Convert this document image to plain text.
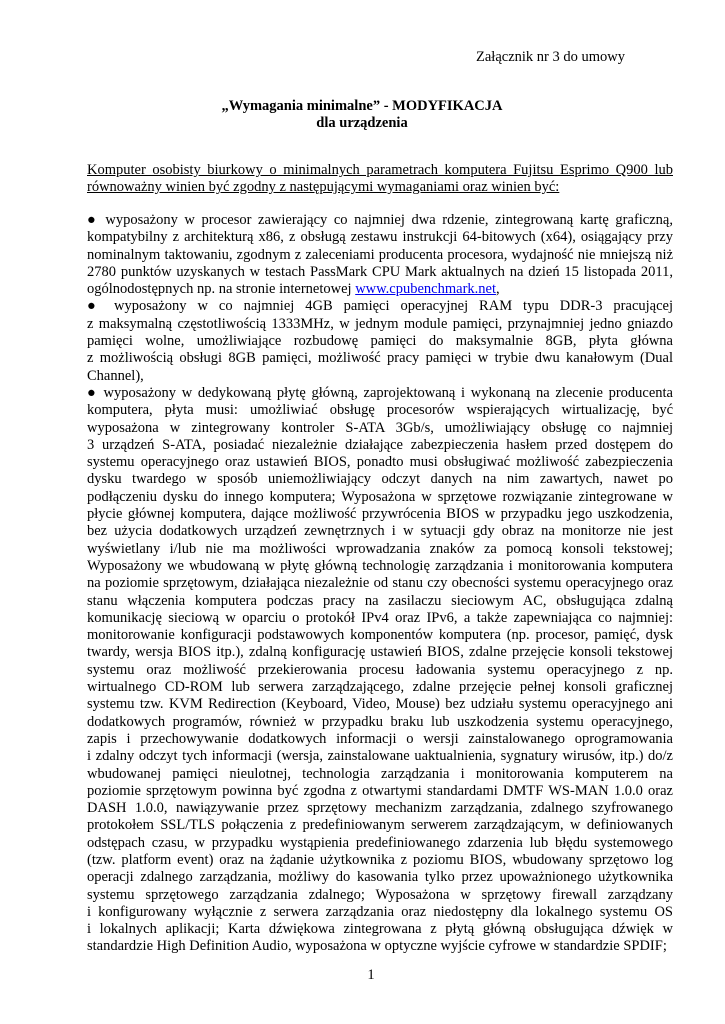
Załącznik nr 3 do umowy
„Wymagania minimalne” - MODYFIKACJA
dla urządzenia
Komputer osobisty biurkowy o minimalnych parametrach komputera Fujitsu Esprimo Q900 lub
równoważny winien być zgodny z następującymi wymaganiami oraz winien być:
● wyposażony w procesor zawierający co najmniej dwa rdzenie, zintegrowaną kartę graficzną,
kompatybilny z architekturą x86, z obsługą zestawu instrukcji 64-bitowych (x64), osiągający przy
nominalnym taktowaniu, zgodnym z zaleceniami producenta procesora, wydajność nie mniejszą niż
2780 punktów uzyskanych w testach PassMark CPU Mark aktualnych na dzień 15 listopada 2011,
ogólnodostępnych np. na stronie internetowej www.cpubenchmark.net,
● wyposażony w co najmniej 4GB pamięci operacyjnej RAM typu DDR-3 pracującej
z maksymalną częstotliwością 1333MHz, w jednym module pamięci, przynajmniej jedno gniazdo
pamięci wolne, umożliwiające rozbudowę pamięci do maksymalnie 8GB, płyta główna
z możliwością obsługi 8GB pamięci, możliwość pracy pamięci w trybie dwu kanałowym (Dual
Channel),
● wyposażony w dedykowaną płytę główną, zaprojektowaną i wykonaną na zlecenie producenta
komputera, płyta musi: umożliwiać obsługę procesorów wspierających wirtualizację, być
wyposażona w zintegrowany kontroler S-ATA 3Gb/s, umożliwiający obsługę co najmniej
3 urządzeń S-ATA, posiadać niezależnie działające zabezpieczenia hasłem przed dostępem do
systemu operacyjnego oraz ustawień BIOS, ponadto musi obsługiwać możliwość zabezpieczenia
dysku twardego w sposób uniemożliwiający odczyt danych na nim zawartych, nawet po
podłączeniu dysku do innego komputera; Wyposażona w sprzętowe rozwiązanie zintegrowane w
płycie głównej komputera, dające możliwość przywrócenia BIOS w przypadku jego uszkodzenia,
bez użycia dodatkowych urządzeń zewnętrznych i w sytuacji gdy obraz na monitorze nie jest
wyświetlany i/lub nie ma możliwości wprowadzania znaków za pomocą konsoli tekstowej;
Wyposażony we wbudowaną w płytę główną technologię zarządzania i monitorowania komputera
na poziomie sprzętowym, działająca niezależnie od stanu czy obecności systemu operacyjnego oraz
stanu włączenia komputera podczas pracy na zasilaczu sieciowym AC, obsługująca zdalną
komunikację sieciową w oparciu o protokół IPv4 oraz IPv6, a także zapewniająca co najmniej:
monitorowanie konfiguracji podstawowych komponentów komputera (np. procesor, pamięć, dysk
twardy, wersja BIOS itp.), zdalną konfigurację ustawień BIOS, zdalne przejęcie konsoli tekstowej
systemu oraz możliwość przekierowania procesu ładowania systemu operacyjnego z np.
wirtualnego CD-ROM lub serwera zarządzającego, zdalne przejęcie pełnej konsoli graficznej
systemu tzw. KVM Redirection (Keyboard, Video, Mouse) bez udziału systemu operacyjnego ani
dodatkowych programów, również w przypadku braku lub uszkodzenia systemu operacyjnego,
zapis i przechowywanie dodatkowych informacji o wersji zainstalowanego oprogramowania
i zdalny odczyt tych informacji (wersja, zainstalowane uaktualnienia, sygnatury wirusów, itp.) do/z
wbudowanej pamięci nieulotnej, technologia zarządzania i monitorowania komputerem na
poziomie sprzętowym powinna być zgodna z otwartymi standardami DMTF WS-MAN 1.0.0 oraz
DASH 1.0.0, nawiązywanie przez sprzętowy mechanizm zarządzania, zdalnego szyfrowanego
protokołem SSL/TLS połączenia z predefiniowanym serwerem zarządzającym, w definiowanych
odstępach czasu, w przypadku wystąpienia predefiniowanego zdarzenia lub błędu systemowego
(tzw. platform event) oraz na żądanie użytkownika z poziomu BIOS, wbudowany sprzętowo log
operacji zdalnego zarządzania, możliwy do kasowania tylko przez upoważnionego użytkownika
systemu sprzętowego zarządzania zdalnego; Wyposażona w sprzętowy firewall zarządzany
i konfigurowany wyłącznie z serwera zarządzania oraz niedostępny dla lokalnego systemu OS
i lokalnych aplikacji; Karta dźwiękowa zintegrowana z płytą główną obsługująca dźwięk w
standardzie High Definition Audio, wyposażona w optyczne wyjście cyfrowe w standardzie SPDIF;
1
